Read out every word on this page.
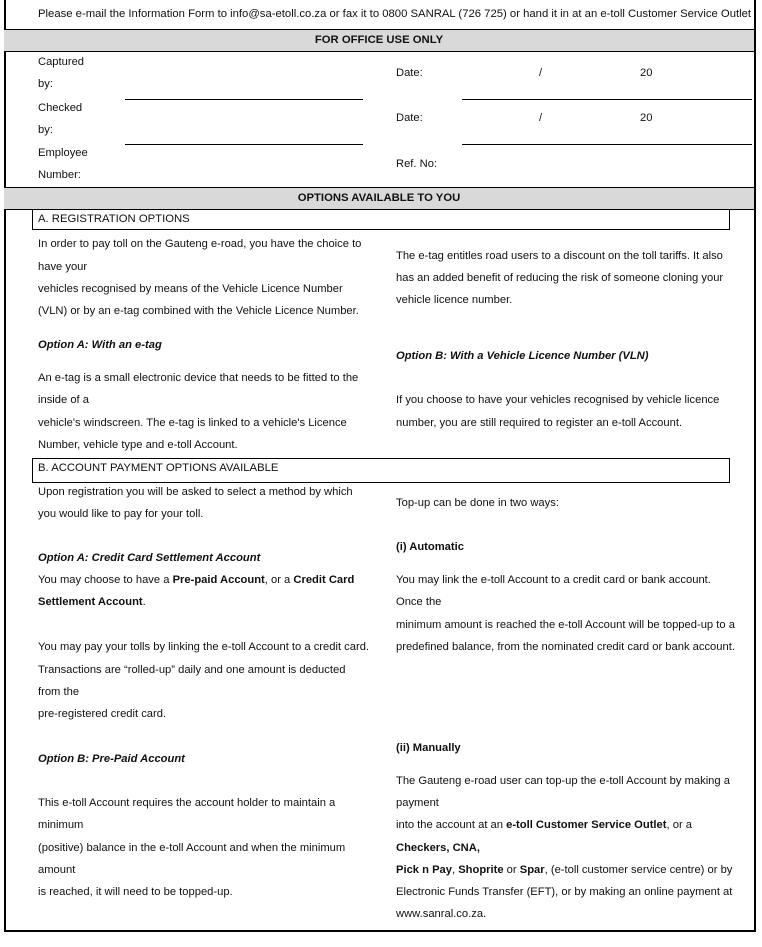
Please e-mail the Information Form to info@sa-etoll.co.za or fax it to 0800 SANRAL (726 725) or hand it in at an e-toll Customer Service Outlet
FOR OFFICE USE ONLY
Captured
by:
Date:	/	20
Checked
by:
Date:	/	20
Employee
Number:
Ref. No:
OPTIONS AVAILABLE TO YOU
A. REGISTRATION OPTIONS
In order to pay toll on the Gauteng e-road, you have the choice to
have your
vehicles recognised by means of the Vehicle Licence Number
(VLN) or by an e-tag combined with the Vehicle Licence Number.
Option A: With an e-tag
An e-tag is a small electronic device that needs to be fitted to the
inside of a
vehicle's windscreen. The e-tag is linked to a vehicle's Licence
Number, vehicle type and e-toll Account.
The e-tag entitles road users to a discount on the toll tariffs. It also
has an added benefit of reducing the risk of someone cloning your
vehicle licence number.
Option B: With a Vehicle Licence Number (VLN)
If you choose to have your vehicles recognised by vehicle licence
number, you are still required to register an e-toll Account.
B. ACCOUNT PAYMENT OPTIONS AVAILABLE
Upon registration you will be asked to select a method by which
you would like to pay for your toll.
Option A: Credit Card Settlement Account
You may choose to have a Pre-paid Account, or a Credit Card
Settlement Account.
You may pay your tolls by linking the e-toll Account to a credit card.
Transactions are “rolled-up” daily and one amount is deducted
from the
pre-registered credit card.
Option B: Pre-Paid Account
This e-toll Account requires the account holder to maintain a
minimum
(positive) balance in the e-toll Account and when the minimum
amount
is reached, it will need to be topped-up.
Top-up can be done in two ways:
(i) Automatic
You may link the e-toll Account to a credit card or bank account.
Once the
minimum amount is reached the e-toll Account will be topped-up to a
predefined balance, from the nominated credit card or bank account.
(ii) Manually
The Gauteng e-road user can top-up the e-toll Account by making a
payment
into the account at an e-toll Customer Service Outlet, or a
Checkers, CNA,
Pick n Pay, Shoprite or Spar, (e-toll customer service centre) or by
Electronic Funds Transfer (EFT), or by making an online payment at
www.sanral.co.za.
